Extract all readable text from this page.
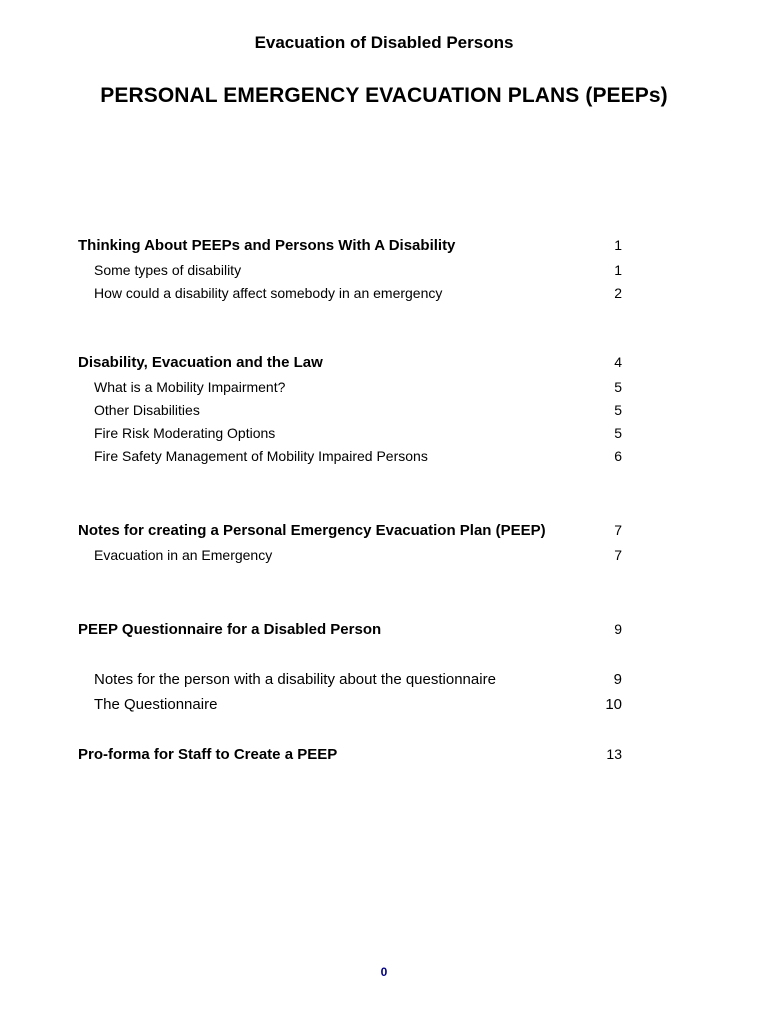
Evacuation of Disabled Persons
PERSONAL EMERGENCY EVACUATION PLANS (PEEPs)
Thinking About PEEPs and Persons With A Disability	1
Some types of disability	1
How could a disability affect somebody in an emergency	2
Disability, Evacuation and the Law	4
What is a Mobility Impairment?	5
Other Disabilities	5
Fire Risk Moderating Options	5
Fire Safety Management of Mobility Impaired Persons	6
Notes for creating a Personal Emergency Evacuation Plan (PEEP)	7
Evacuation in an Emergency	7
PEEP Questionnaire for a Disabled Person	9
Notes for the person with a disability about the questionnaire	9
The Questionnaire	10
Pro-forma for Staff to Create a PEEP	13
0
